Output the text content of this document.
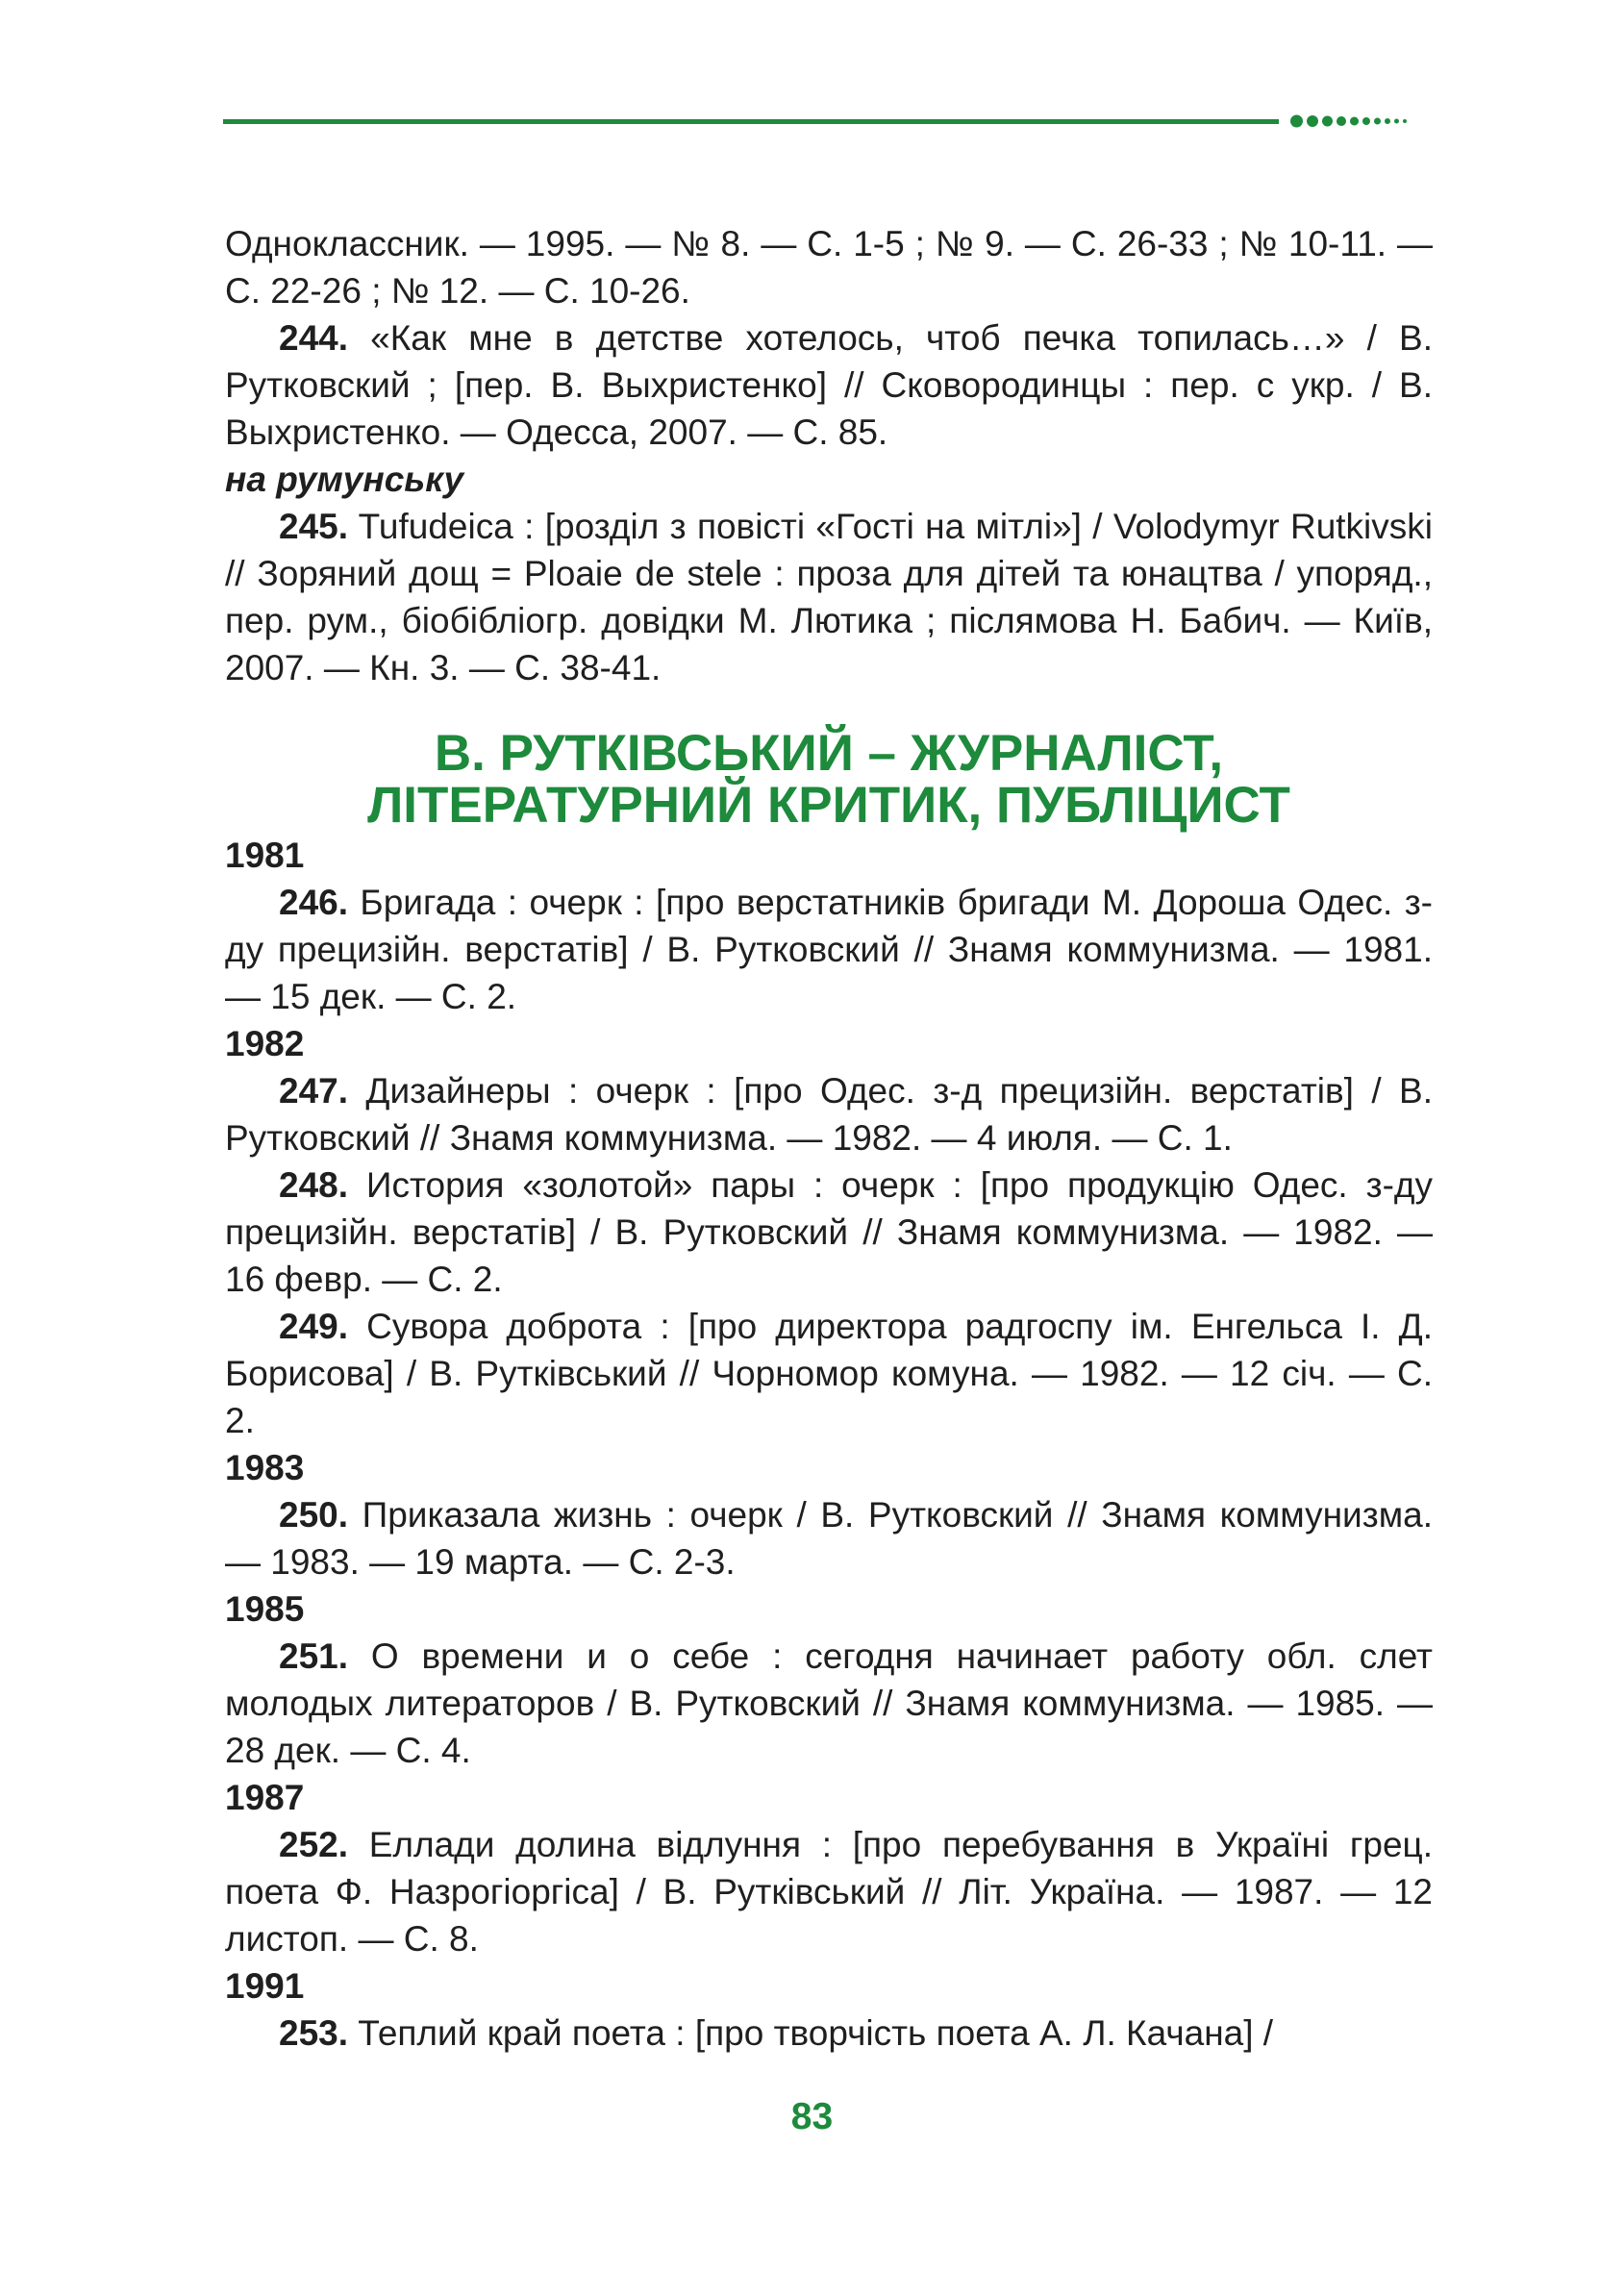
Одноклассник. — 1995. — № 8. — С. 1-5 ; № 9. — С. 26-33 ; № 10-11. — С. 22-26 ; № 12. — С. 10-26.

244. «Как мне в детстве хотелось, чтоб печка топилась…» / В. Рутковский ; [пер. В. Выхристенко] // Сковородинцы : пер. с укр. / В. Выхристенко. — Одесса, 2007. — С. 85.

на румунську

245. Tufudeica : [розділ з повісті «Гості на мітлі»] / Volodymyr Rutkivski // Зоряний дощ = Ploaie de stele : проза для дітей та юнацтва / упоряд., пер. рум., біобібліогр. довідки М. Лютика ; післямова Н. Бабич. — Київ, 2007. — Кн. 3. — С. 38-41.

В. РУТКІВСЬКИЙ – ЖУРНАЛІСТ,
ЛІТЕРАТУРНИЙ КРИТИК, ПУБЛІЦИСТ

1981

246. Бригада : очерк : [про верстатників бригади М. Дороша Одес. з-ду прецизійн. верстатів] / В. Рутковский // Знамя коммунизма. — 1981. — 15 дек. — С. 2.

1982

247. Дизайнеры : очерк : [про Одес. з-д прецизійн. верстатів] / В. Рутковский // Знамя коммунизма. — 1982. — 4 июля. — С. 1.

248. История «золотой» пары : очерк : [про продукцію Одес. з-ду прецизійн. верстатів] / В. Рутковский // Знамя коммунизма. — 1982. — 16 февр. — С. 2.

249. Сувора доброта : [про директора радгоспу ім. Енгельса І. Д. Борисова] / В. Рутківський // Чорномор комуна. — 1982. — 12 січ. — С. 2.

1983

250. Приказала жизнь : очерк / В. Рутковский // Знамя коммунизма. — 1983. — 19 марта. — С. 2-3.

1985

251. О времени и о себе : сегодня начинает работу обл. слет молодых литераторов / В. Рутковский // Знамя коммунизма. — 1985. — 28 дек. — С. 4.

1987

252. Еллади долина відлуння : [про перебування в Україні грец. поета Ф. Назрогіоргіса] / В. Рутківський // Літ. Україна. — 1987. — 12 листоп. — С. 8.

1991

253. Теплий край поета : [про творчість поета А. Л. Качана] /

83
